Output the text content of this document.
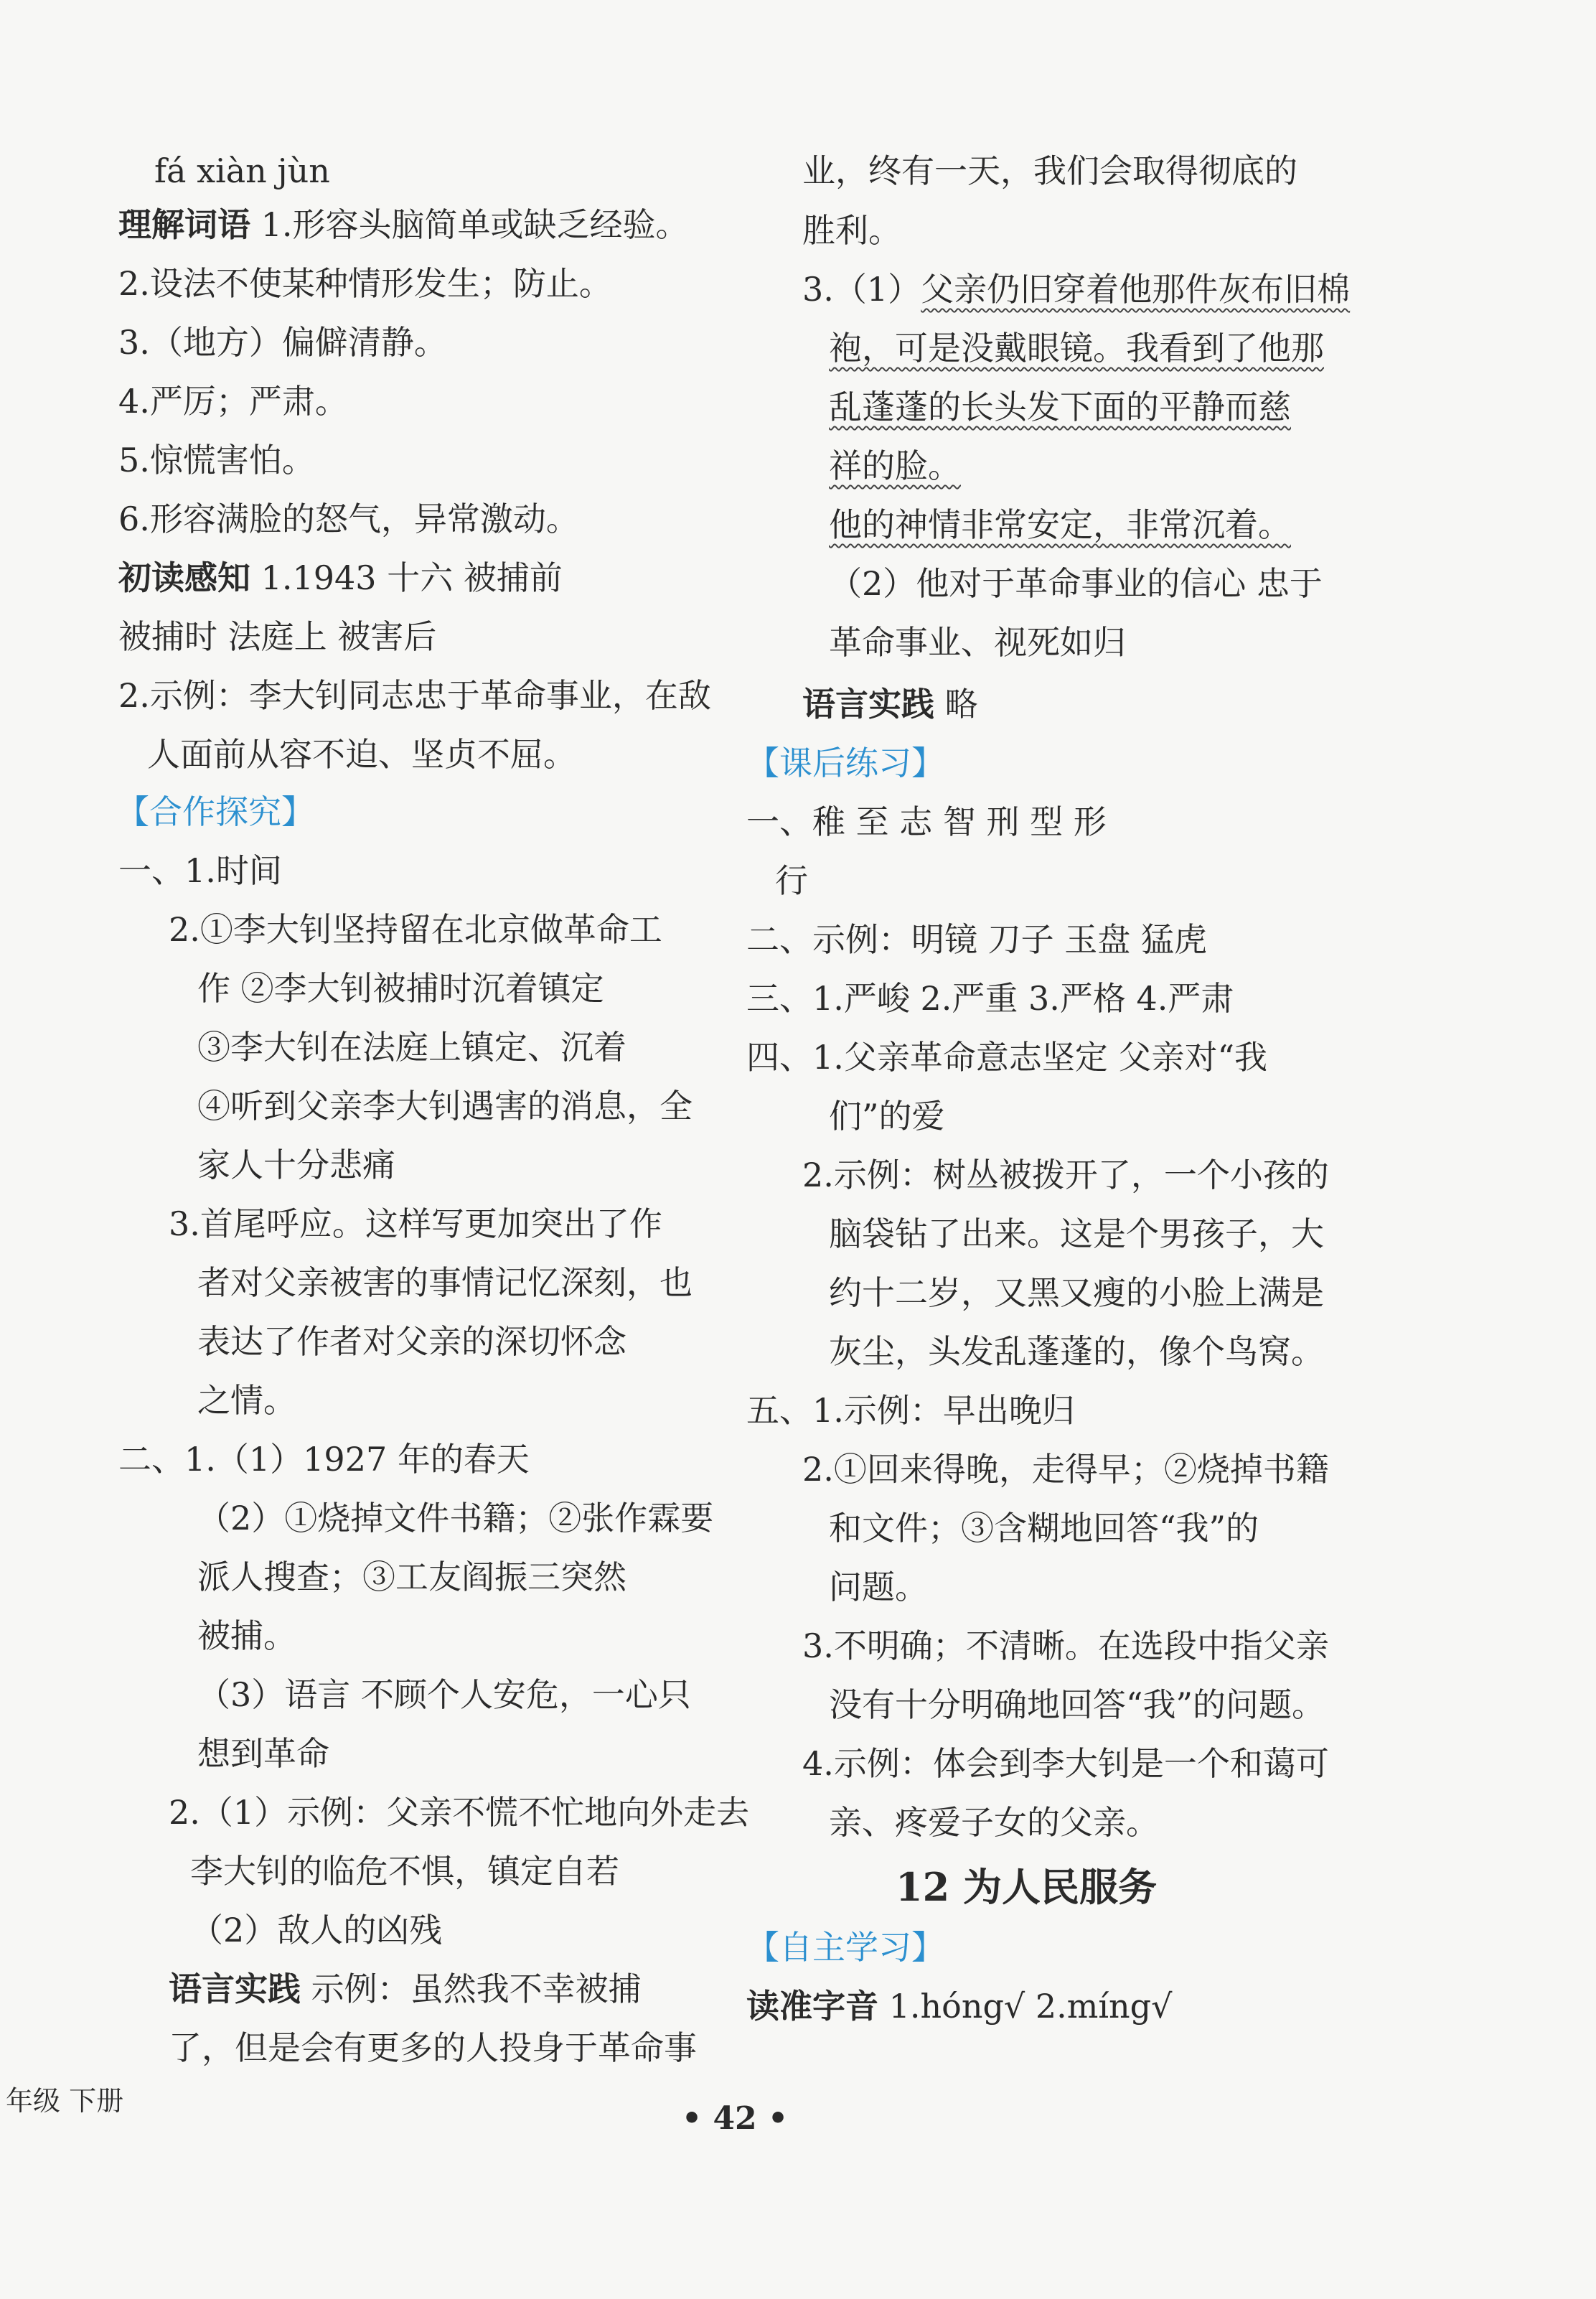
fá xiàn jùn
理解词语 1.形容头脑简单或缺乏经验。
2.设法不使某种情形发生；防止。
3.（地方）偏僻清静。
4.严厉；严肃。
5.惊慌害怕。
6.形容满脸的怒气，异常激动。
初读感知 1.1943 十六 被捕前
被捕时 法庭上 被害后
2.示例：李大钊同志忠于革命事业，在敌
人面前从容不迫、坚贞不屈。
【合作探究】
一、1.时间
2.①李大钊坚持留在北京做革命工
作 ②李大钊被捕时沉着镇定
③李大钊在法庭上镇定、沉着
④听到父亲李大钊遇害的消息，全
家人十分悲痛
3.首尾呼应。这样写更加突出了作
者对父亲被害的事情记忆深刻，也
表达了作者对父亲的深切怀念
之情。
二、1.（1）1927 年的春天
（2）①烧掉文件书籍；②张作霖要
派人搜查；③工友阎振三突然
被捕。
（3）语言 不顾个人安危，一心只
想到革命
2.（1）示例：父亲不慌不忙地向外走去
李大钊的临危不惧，镇定自若
（2）敌人的凶残
语言实践 示例：虽然我不幸被捕
了，但是会有更多的人投身于革命事
业，终有一天，我们会取得彻底的
胜利。
3.（1）父亲仍旧穿着他那件灰布旧棉
袍，可是没戴眼镜。我看到了他那
乱蓬蓬的长头发下面的平静而慈
祥的脸。
他的神情非常安定，非常沉着。
（2）他对于革命事业的信心 忠于
革命事业、视死如归
语言实践 略
【课后练习】
一、稚 至 志 智 刑 型 形
行
二、示例：明镜 刀子 玉盘 猛虎
三、1.严峻 2.严重 3.严格 4.严肃
四、1.父亲革命意志坚定 父亲对“我
们”的爱
2.示例：树丛被拨开了，一个小孩的
脑袋钻了出来。这是个男孩子，大
约十二岁，又黑又瘦的小脸上满是
灰尘，头发乱蓬蓬的，像个鸟窝。
五、1.示例：早出晚归
2.①回来得晚，走得早；②烧掉书籍
和文件；③含糊地回答“我”的
问题。
3.不明确；不清晰。在选段中指父亲
没有十分明确地回答“我”的问题。
4.示例：体会到李大钊是一个和蔼可
亲、疼爱子女的父亲。
12 为人民服务
【自主学习】
读准字音 1.hóng√ 2.míng√
年级 下册	• 42 •
